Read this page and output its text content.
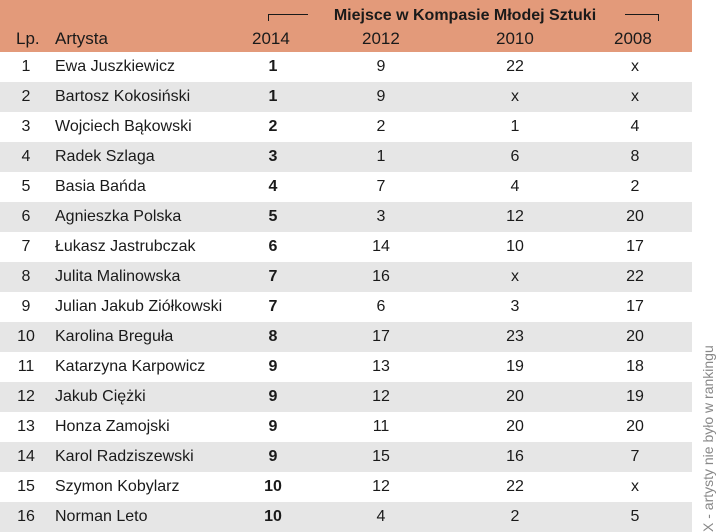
Miejsce w Kompasie Młodej Sztuki
Lp. Artysta	2014	2012	2010	2008
1	Ewa Juszkiewicz	1	9	22	x
2	Bartosz Kokosiński	1	9	x	x
3	Wojciech Bąkowski	2	2	1	4
4	Radek Szlaga	3	1	6	8
5	Basia Bańda	4	7	4	2
6	Agnieszka Polska	5	3	12	20
7	Łukasz Jastrubczak	6	14	10	17
8	Julita Malinowska	7	16	x	22
9	Julian Jakub Ziółkowski	7	6	3	17
10 Karolina Breguła	8	17	23	20
11 Katarzyna Karpowicz	9	13	19	18
12 Jakub Ciężki	9	12	20	19
13 Honza Zamojski	9	11	20	20
14 Karol Radziszewski	9	15	16	7
15 Szymon Kobylarz	10	12	22	x
16 Norman Leto	10	4	2	5	X - artysty nie było w rankingu
